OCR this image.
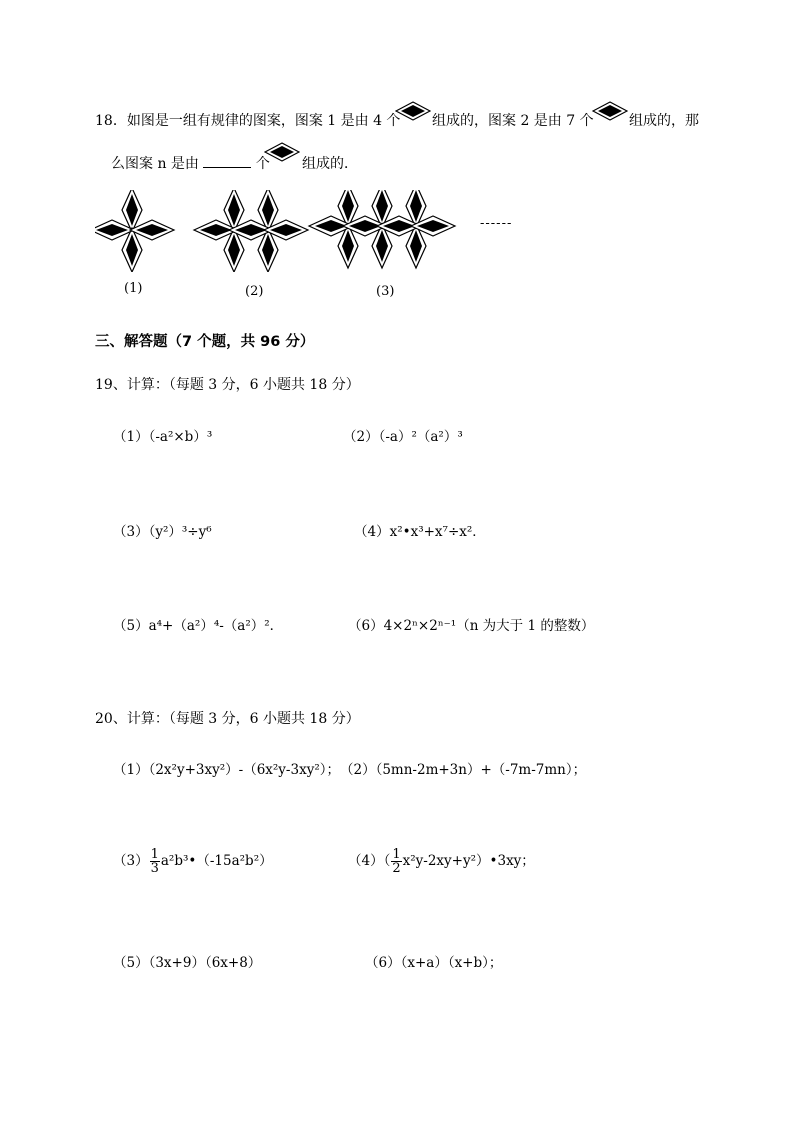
18．如图是一组有规律的图案，图案 1 是由 4 个 组成的，图案 2 是由 7 个	组成的，那
么图案 n 是由	个 组成的．
------
(1)	(2)	(3)
三、解答题（7 个题，共 96 分）
19、计算：（每题 3 分，6 小题共 18 分）
（1）（-a²×b）³	（2）（-a）²（a²）³
（3）（y²）³÷y⁶	（4）x²•x³+x⁷÷x²．
（5）a⁴+（a²）⁴-（a²）²．	（6）4×2ⁿ×2ⁿ⁻¹（n 为大于 1 的整数）
20、计算：（每题 3 分，6 小题共 18 分）
（1）（2x²y+3xy²）-（6x²y-3xy²）； （2）（5mn-2m+3n）+（-7m-7mn）；
$(3) \frac{1}{3}$ a²b³•（-15a²b²）	$(4)( \frac{1}{2}$ x²y-2xy+y²）•3xy；
（5）（3x+9）（6x+8）	（6）（x+a）（x+b）；
